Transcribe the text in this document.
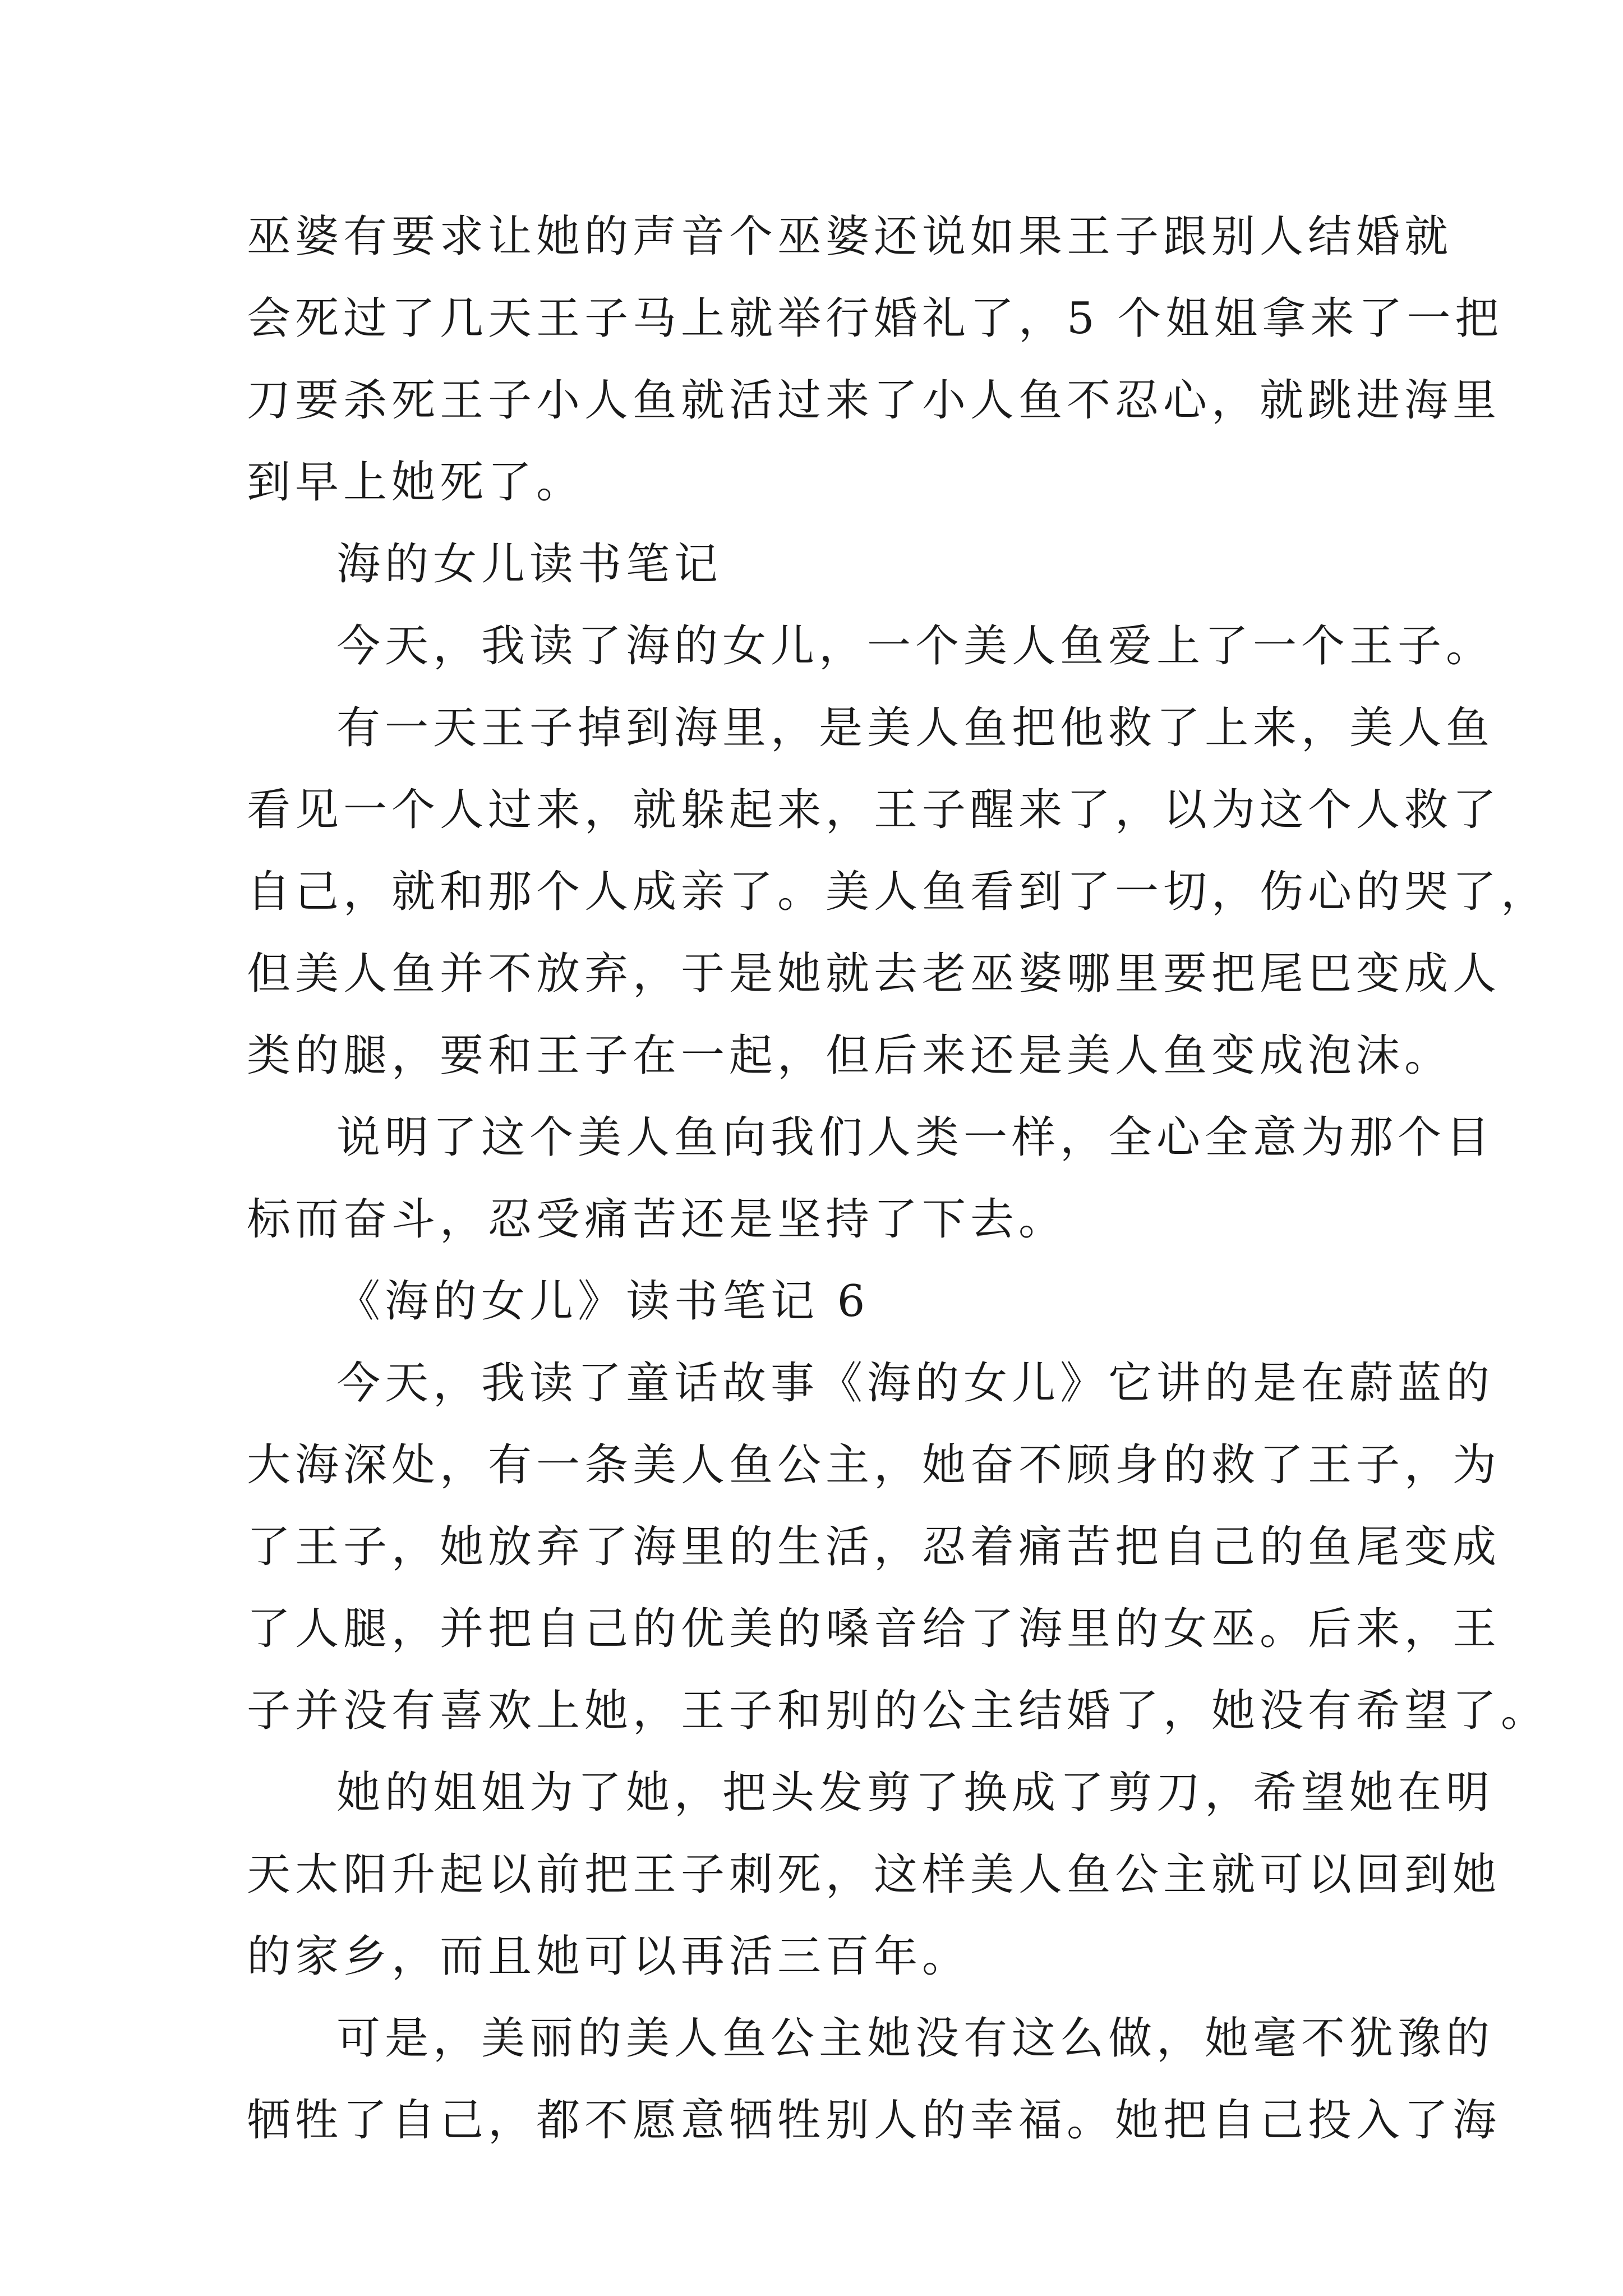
巫婆有要求让她的声音个巫婆还说如果王子跟别人结婚就
会死过了几天王子马上就举行婚礼了，5 个姐姐拿来了一把
刀要杀死王子小人鱼就活过来了小人鱼不忍心，就跳进海里
到早上她死了。
海的女儿读书笔记
今天，我读了海的女儿，一个美人鱼爱上了一个王子。
有一天王子掉到海里，是美人鱼把他救了上来，美人鱼
看见一个人过来，就躲起来，王子醒来了，以为这个人救了
自己，就和那个人成亲了。美人鱼看到了一切，伤心的哭了，
但美人鱼并不放弃，于是她就去老巫婆哪里要把尾巴变成人
类的腿，要和王子在一起，但后来还是美人鱼变成泡沫。
说明了这个美人鱼向我们人类一样，全心全意为那个目
标而奋斗，忍受痛苦还是坚持了下去。
《海的女儿》读书笔记 6
今天，我读了童话故事《海的女儿》它讲的是在蔚蓝的
大海深处，有一条美人鱼公主，她奋不顾身的救了王子，为
了王子，她放弃了海里的生活，忍着痛苦把自己的鱼尾变成
了人腿，并把自己的优美的嗓音给了海里的女巫。后来，王
子并没有喜欢上她，王子和别的公主结婚了，她没有希望了。
她的姐姐为了她，把头发剪了换成了剪刀，希望她在明
天太阳升起以前把王子刺死，这样美人鱼公主就可以回到她
的家乡，而且她可以再活三百年。
可是，美丽的美人鱼公主她没有这么做，她毫不犹豫的
牺牲了自己，都不愿意牺牲别人的幸福。她把自己投入了海
